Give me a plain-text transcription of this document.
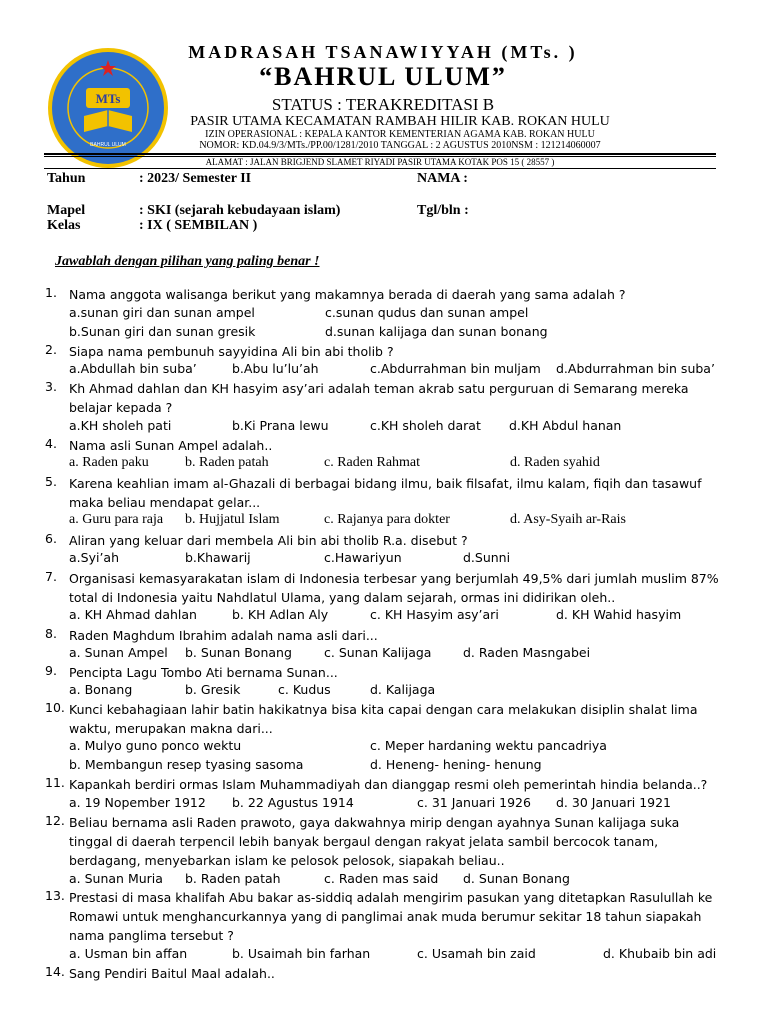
MTs
BAHRUL ULUM
MADRASAH TSANAWIYYAH (MTs. )
“BAHRUL ULUM”
STATUS : TERAKREDITASI B
PASIR UTAMA KECAMATAN RAMBAH HILIR KAB. ROKAN HULU
IZIN OPERASIONAL : KEPALA KANTOR KEMENTERIAN AGAMA KAB. ROKAN HULU
NOMOR: KD.04.9/3/MTs./PP.00/1281/2010 TANGGAL : 2 AGUSTUS 2010NSM : 121214060007
ALAMAT : JALAN BRIGJEND SLAMET RIYADI PASIR UTAMA KOTAK POS 15 ( 28557 )
Tahun	: 2023/ Semester II	NAMA :
Mapel	: SKI (sejarah kebudayaan islam)	Tgl/bln :
Kelas	: IX ( SEMBILAN )
Jawablah dengan pilihan yang paling benar !
1. Nama anggota walisanga berikut yang makamnya berada di daerah yang sama adalah ?
a.sunan giri dan sunan ampel	c.sunan qudus dan sunan ampel
b.Sunan giri dan sunan gresik	d.sunan kalijaga dan sunan bonang
2. Siapa nama pembunuh sayyidina Ali bin abi tholib ?
a.Abdullah bin suba’	b.Abu lu’lu’ah	c.Abdurrahman bin muljam d.Abdurrahman bin suba’
3. Kh Ahmad dahlan dan KH hasyim asy’ari adalah teman akrab satu perguruan di Semarang mereka belajar kepada ?
a.KH sholeh pati	b.Ki Prana lewu	c.KH sholeh darat d.KH Abdul hanan
4. Nama asli Sunan Ampel adalah..
a. Raden paku	b. Raden patah	c. Raden Rahmat	d. Raden syahid
5. Karena keahlian imam al-Ghazali di berbagai bidang ilmu, baik filsafat, ilmu kalam, fiqih dan tasawuf maka beliau mendapat gelar...
a. Guru para raja b. Hujjatul Islam	c. Rajanya para dokter	d. Asy-Syaih ar-Rais
6. Aliran yang keluar dari membela Ali bin abi tholib R.a. disebut ?
a.Syi’ah	b.Khawarij	c.Hawariyun	d.Sunni
7. Organisasi kemasyarakatan islam di Indonesia terbesar yang berjumlah 49,5% dari jumlah muslim 87% total di Indonesia yaitu Nahdlatul Ulama, yang dalam sejarah, ormas ini didirikan oleh..
a. KH Ahmad dahlan	b. KH Adlan Aly	c. KH Hasyim asy’ari	d. KH Wahid hasyim
8. Raden Maghdum Ibrahim adalah nama asli dari...
a. Sunan Ampel b. Sunan Bonang	c. Sunan Kalijaga	d. Raden Masngabei
9. Pencipta Lagu Tombo Ati bernama Sunan...
a. Bonang	b. Gresik	c. Kudus	d. Kalijaga
10. Kunci kebahagiaan lahir batin hakikatnya bisa kita capai dengan cara melakukan disiplin shalat lima waktu, merupakan makna dari...
a. Mulyo guno ponco wektu	c. Meper hardaning wektu pancadriya
b. Membangun resep tyasing sasoma	d. Heneng- hening- henung
11. Kapankah berdiri ormas Islam Muhammadiyah dan dianggap resmi oleh pemerintah hindia belanda..?
a. 19 Nopember 1912 b. 22 Agustus 1914	c. 31 Januari 1926 d. 30 Januari 1921
12. Beliau bernama asli Raden prawoto, gaya dakwahnya mirip dengan ayahnya Sunan kalijaga suka tinggal di daerah terpencil lebih banyak bergaul dengan rakyat jelata sambil bercocok tanam, berdagang, menyebarkan islam ke pelosok pelosok, siapakah beliau..
a. Sunan Muria b. Raden patah	c. Raden mas said d. Sunan Bonang
13. Prestasi di masa khalifah Abu bakar as-siddiq adalah mengirim pasukan yang ditetapkan Rasulullah ke Romawi untuk menghancurkannya yang di panglimai anak muda berumur sekitar 18 tahun siapakah nama panglima tersebut ?
a. Usman bin affan	b. Usaimah bin farhan	c. Usamah bin zaid	d. Khubaib bin adi
14. Sang Pendiri Baitul Maal adalah..
